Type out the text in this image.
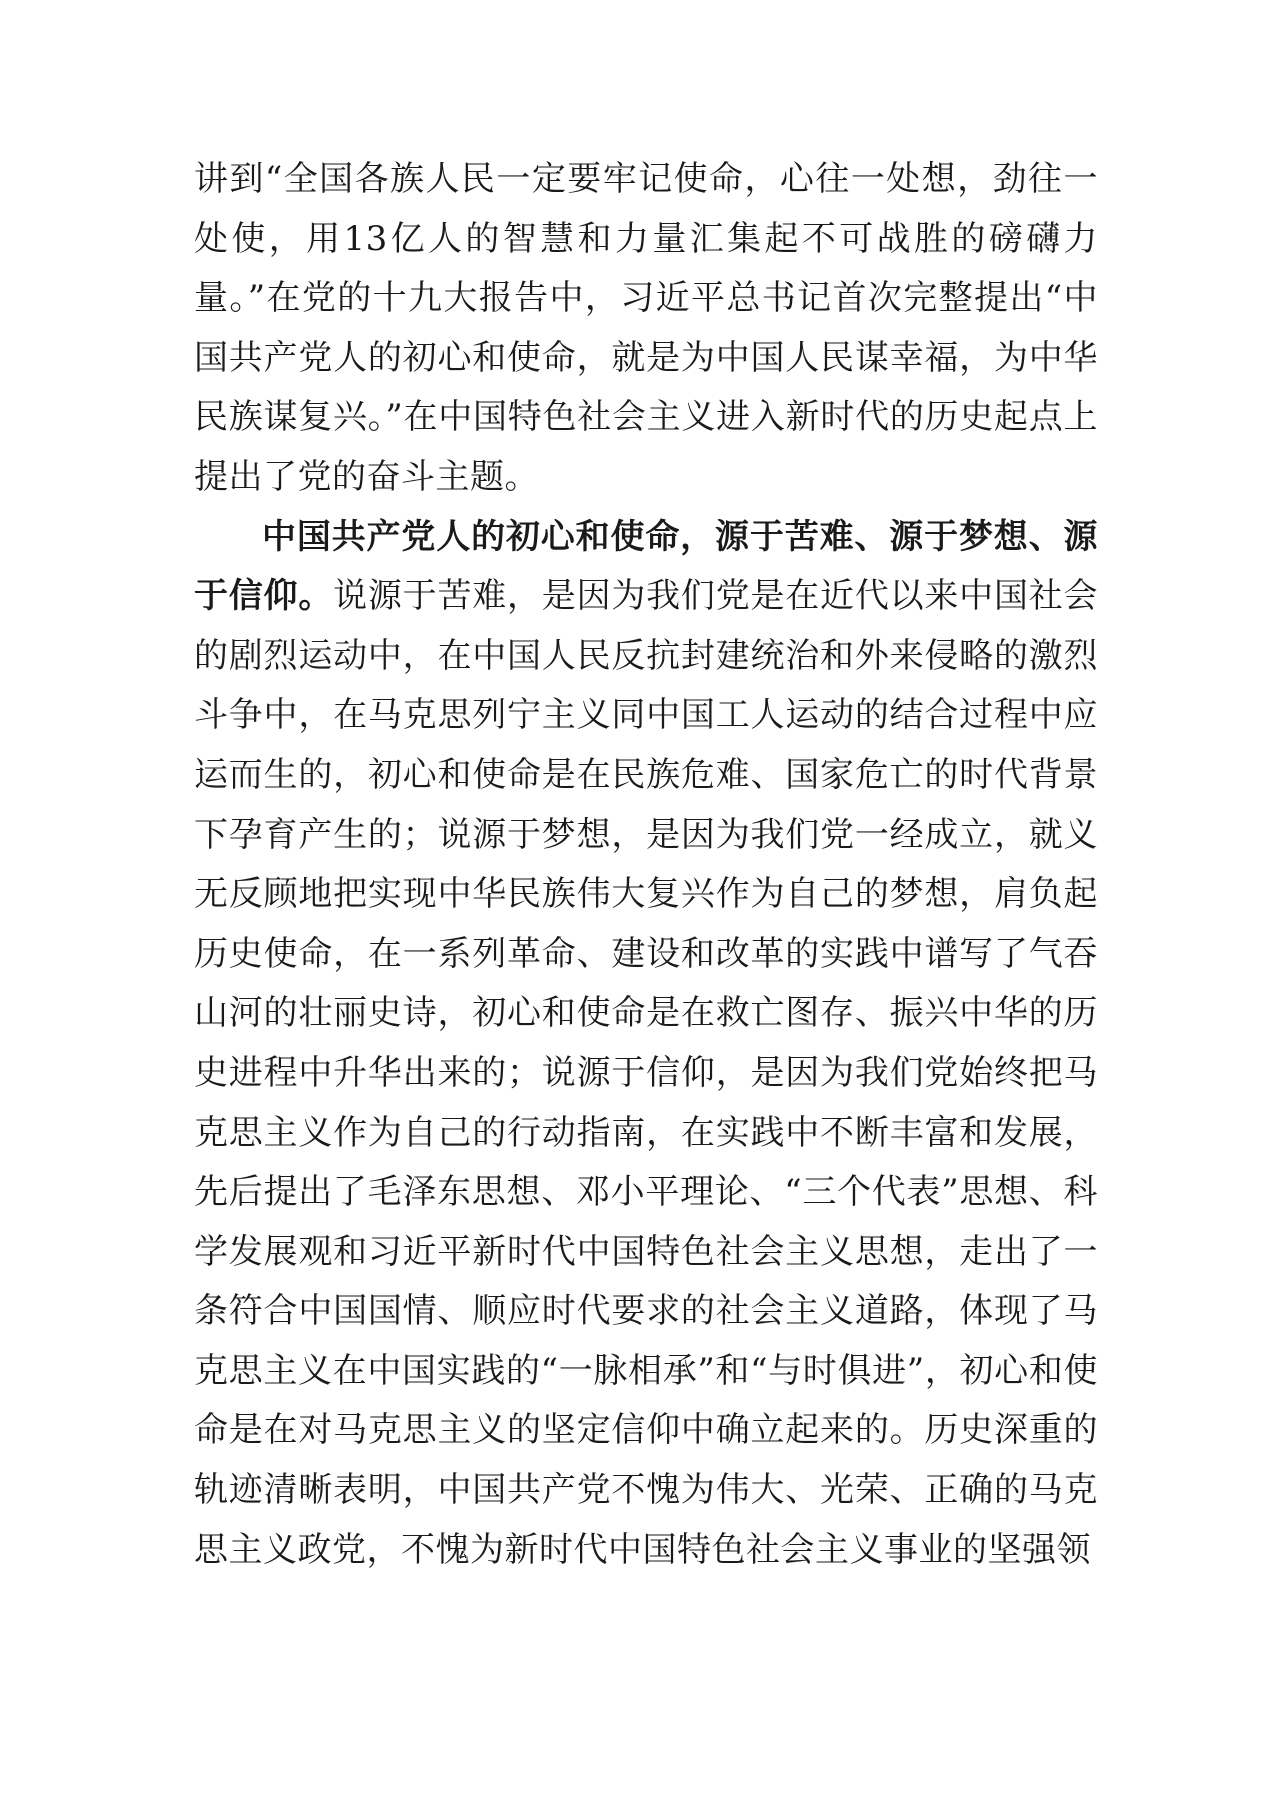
讲到“全国各族人民一定要牢记使命，心往一处想，劲往一处使，用13亿人的智慧和力量汇集起不可战胜的磅礴力量。”在党的十九大报告中，习近平总书记首次完整提出“中国共产党人的初心和使命，就是为中国人民谋幸福，为中华民族谋复兴。”在中国特色社会主义进入新时代的历史起点上提出了党的奋斗主题。

中国共产党人的初心和使命，源于苦难、源于梦想、源于信仰。说源于苦难，是因为我们党是在近代以来中国社会的剧烈运动中，在中国人民反抗封建统治和外来侵略的激烈斗争中，在马克思列宁主义同中国工人运动的结合过程中应运而生的，初心和使命是在民族危难、国家危亡的时代背景下孕育产生的；说源于梦想，是因为我们党一经成立，就义无反顾地把实现中华民族伟大复兴作为自己的梦想，肩负起历史使命，在一系列革命、建设和改革的实践中谱写了气吞山河的壮丽史诗，初心和使命是在救亡图存、振兴中华的历史进程中升华出来的；说源于信仰，是因为我们党始终把马克思主义作为自己的行动指南，在实践中不断丰富和发展，先后提出了毛泽东思想、邓小平理论、“三个代表”思想、科学发展观和习近平新时代中国特色社会主义思想，走出了一条符合中国国情、顺应时代要求的社会主义道路，体现了马克思主义在中国实践的“一脉相承”和“与时俱进”，初心和使命是在对马克思主义的坚定信仰中确立起来的。历史深重的轨迹清晰表明，中国共产党不愧为伟大、光荣、正确的马克思主义政党，不愧为新时代中国特色社会主义事业的坚强领
